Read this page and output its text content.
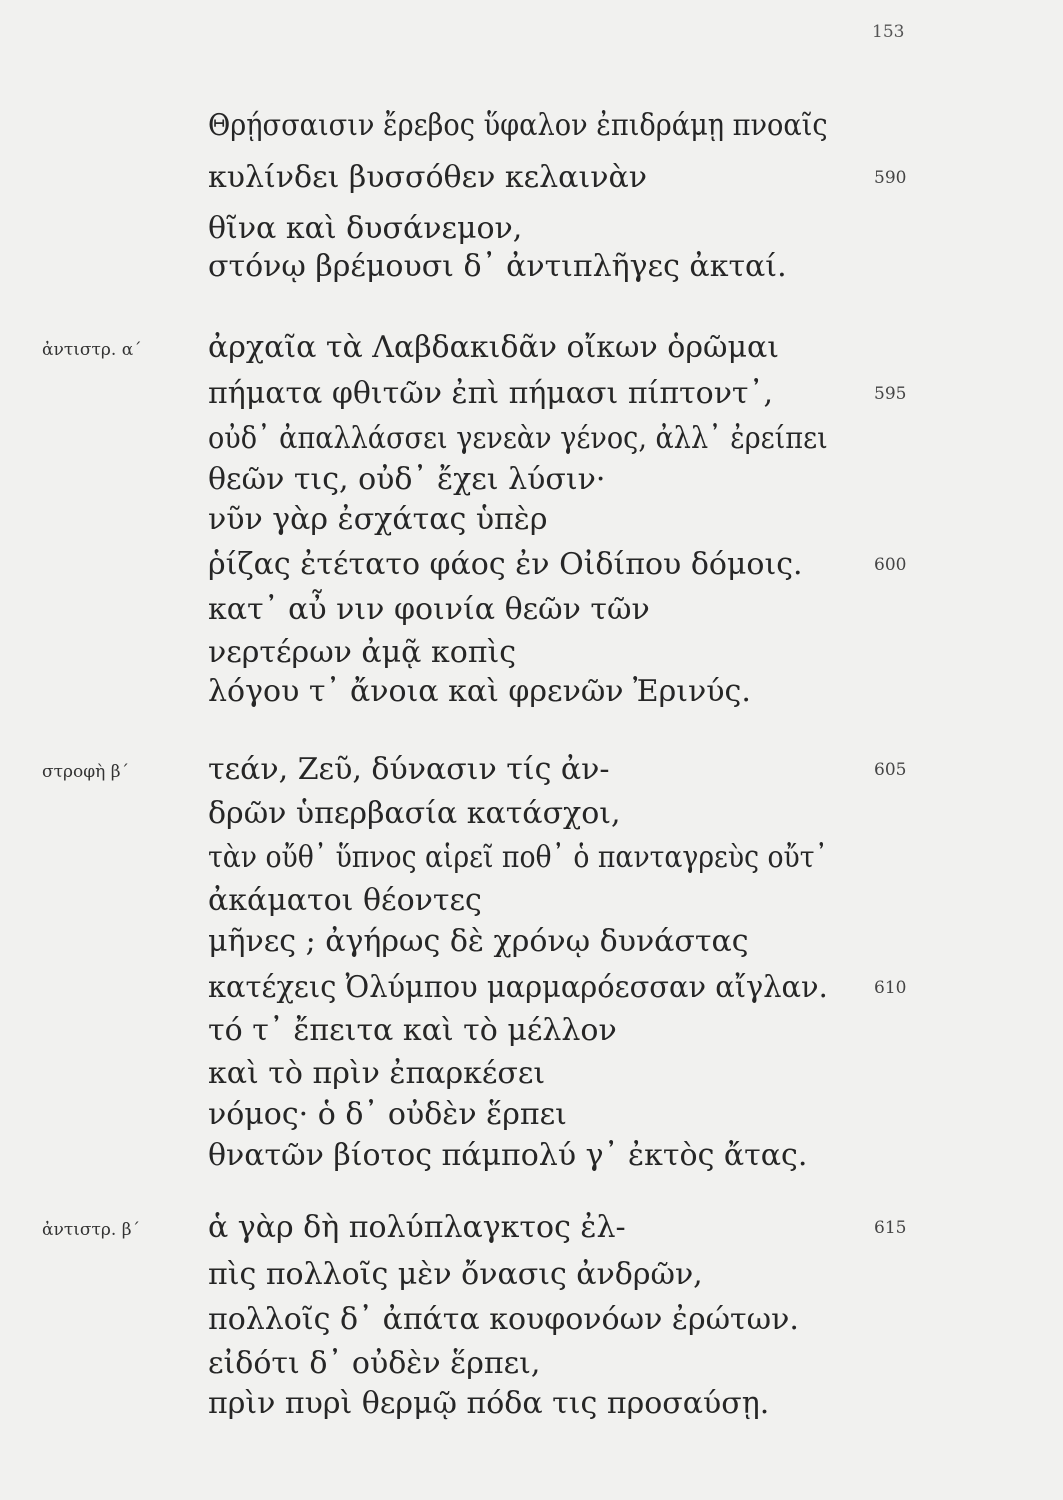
153
Θρῄσσαισιν ἔρεβος ὕφαλον ἐπιδράμῃ πνοαῖς
κυλίνδει βυσσόθεν κελαινὰν	590
θῖνα καὶ δυσάνεμον,
στόνῳ βρέμουσι δ᾽ ἀντιπλῆγες ἀκταί.
ἀντιστρ. α΄ ἀρχαῖα τὰ Λαβδακιδᾶν οἴκων ὁρῶμαι
πήματα φθιτῶν ἐπὶ πήμασι πίπτοντ᾽,	595
οὐδ᾽ ἀπαλλάσσει γενεὰν γένος, ἀλλ᾽ ἐρείπει
θεῶν τις, οὐδ᾽ ἔχει λύσιν·
νῦν γὰρ ἐσχάτας ὑπὲρ
ῥίζας ἐτέτατο φάος ἐν Οἰδίπου δόμοις.	600
κατ᾽ αὖ νιν φοινία θεῶν τῶν
νερτέρων ἀμᾷ κοπὶς
λόγου τ᾽ ἄνοια καὶ φρενῶν Ἐρινύς.
στροφὴ β΄	τεάν, Ζεῦ, δύνασιν τίς ἀν-	605
δρῶν ὑπερβασία κατάσχοι,
τὰν οὔθ᾽ ὕπνος αἱρεῖ ποθ᾽ ὁ πανταγρεὺς οὔτ᾽
ἀκάματοι θέοντες
μῆνες ; ἀγήρως δὲ χρόνῳ δυνάστας
κατέχεις Ὀλύμπου μαρμαρόεσσαν αἴγλαν.	610
τό τ᾽ ἔπειτα καὶ τὸ μέλλον
καὶ τὸ πρὶν ἐπαρκέσει
νόμος· ὁ δ᾽ οὐδὲν ἕρπει
θνατῶν βίοτος πάμπολύ γ᾽ ἐκτὸς ἄτας.
ἀντιστρ. β΄ ἁ γὰρ δὴ πολύπλαγκτος ἐλ-	615
πὶς πολλοῖς μὲν ὄνασις ἀνδρῶν,
πολλοῖς δ᾽ ἀπάτα κουφονόων ἐρώτων.
εἰδότι δ᾽ οὐδὲν ἕρπει,
πρὶν πυρὶ θερμῷ πόδα τις προσαύσῃ.
